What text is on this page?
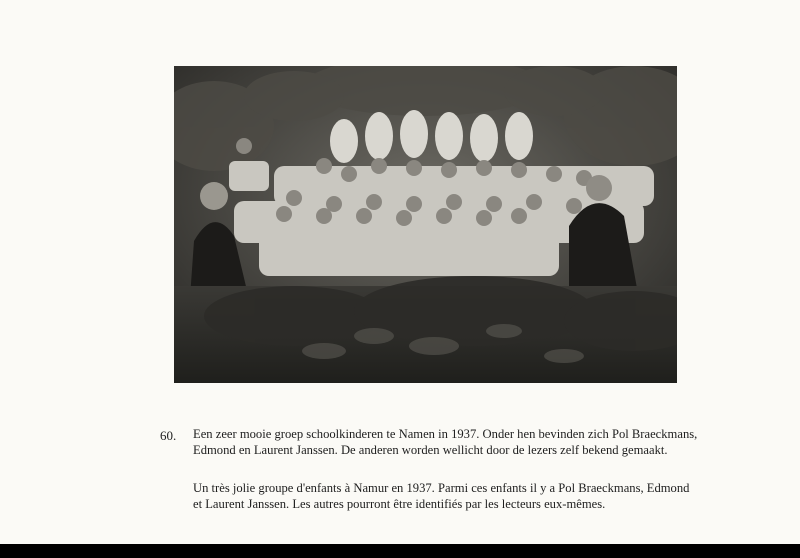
60. Een zeer mooie groep schoolkinderen te Namen in 1937. Onder hen bevinden zich Pol Braeckmans, Edmond en Laurent Janssen. De anderen worden wellicht door de lezers zelf bekend gemaakt.

Un très jolie groupe d'enfants à Namur en 1937. Parmi ces enfants il y a Pol Braeckmans, Edmond et Laurent Janssen. Les autres pourront être identifiés par les lecteurs eux-mêmes.
